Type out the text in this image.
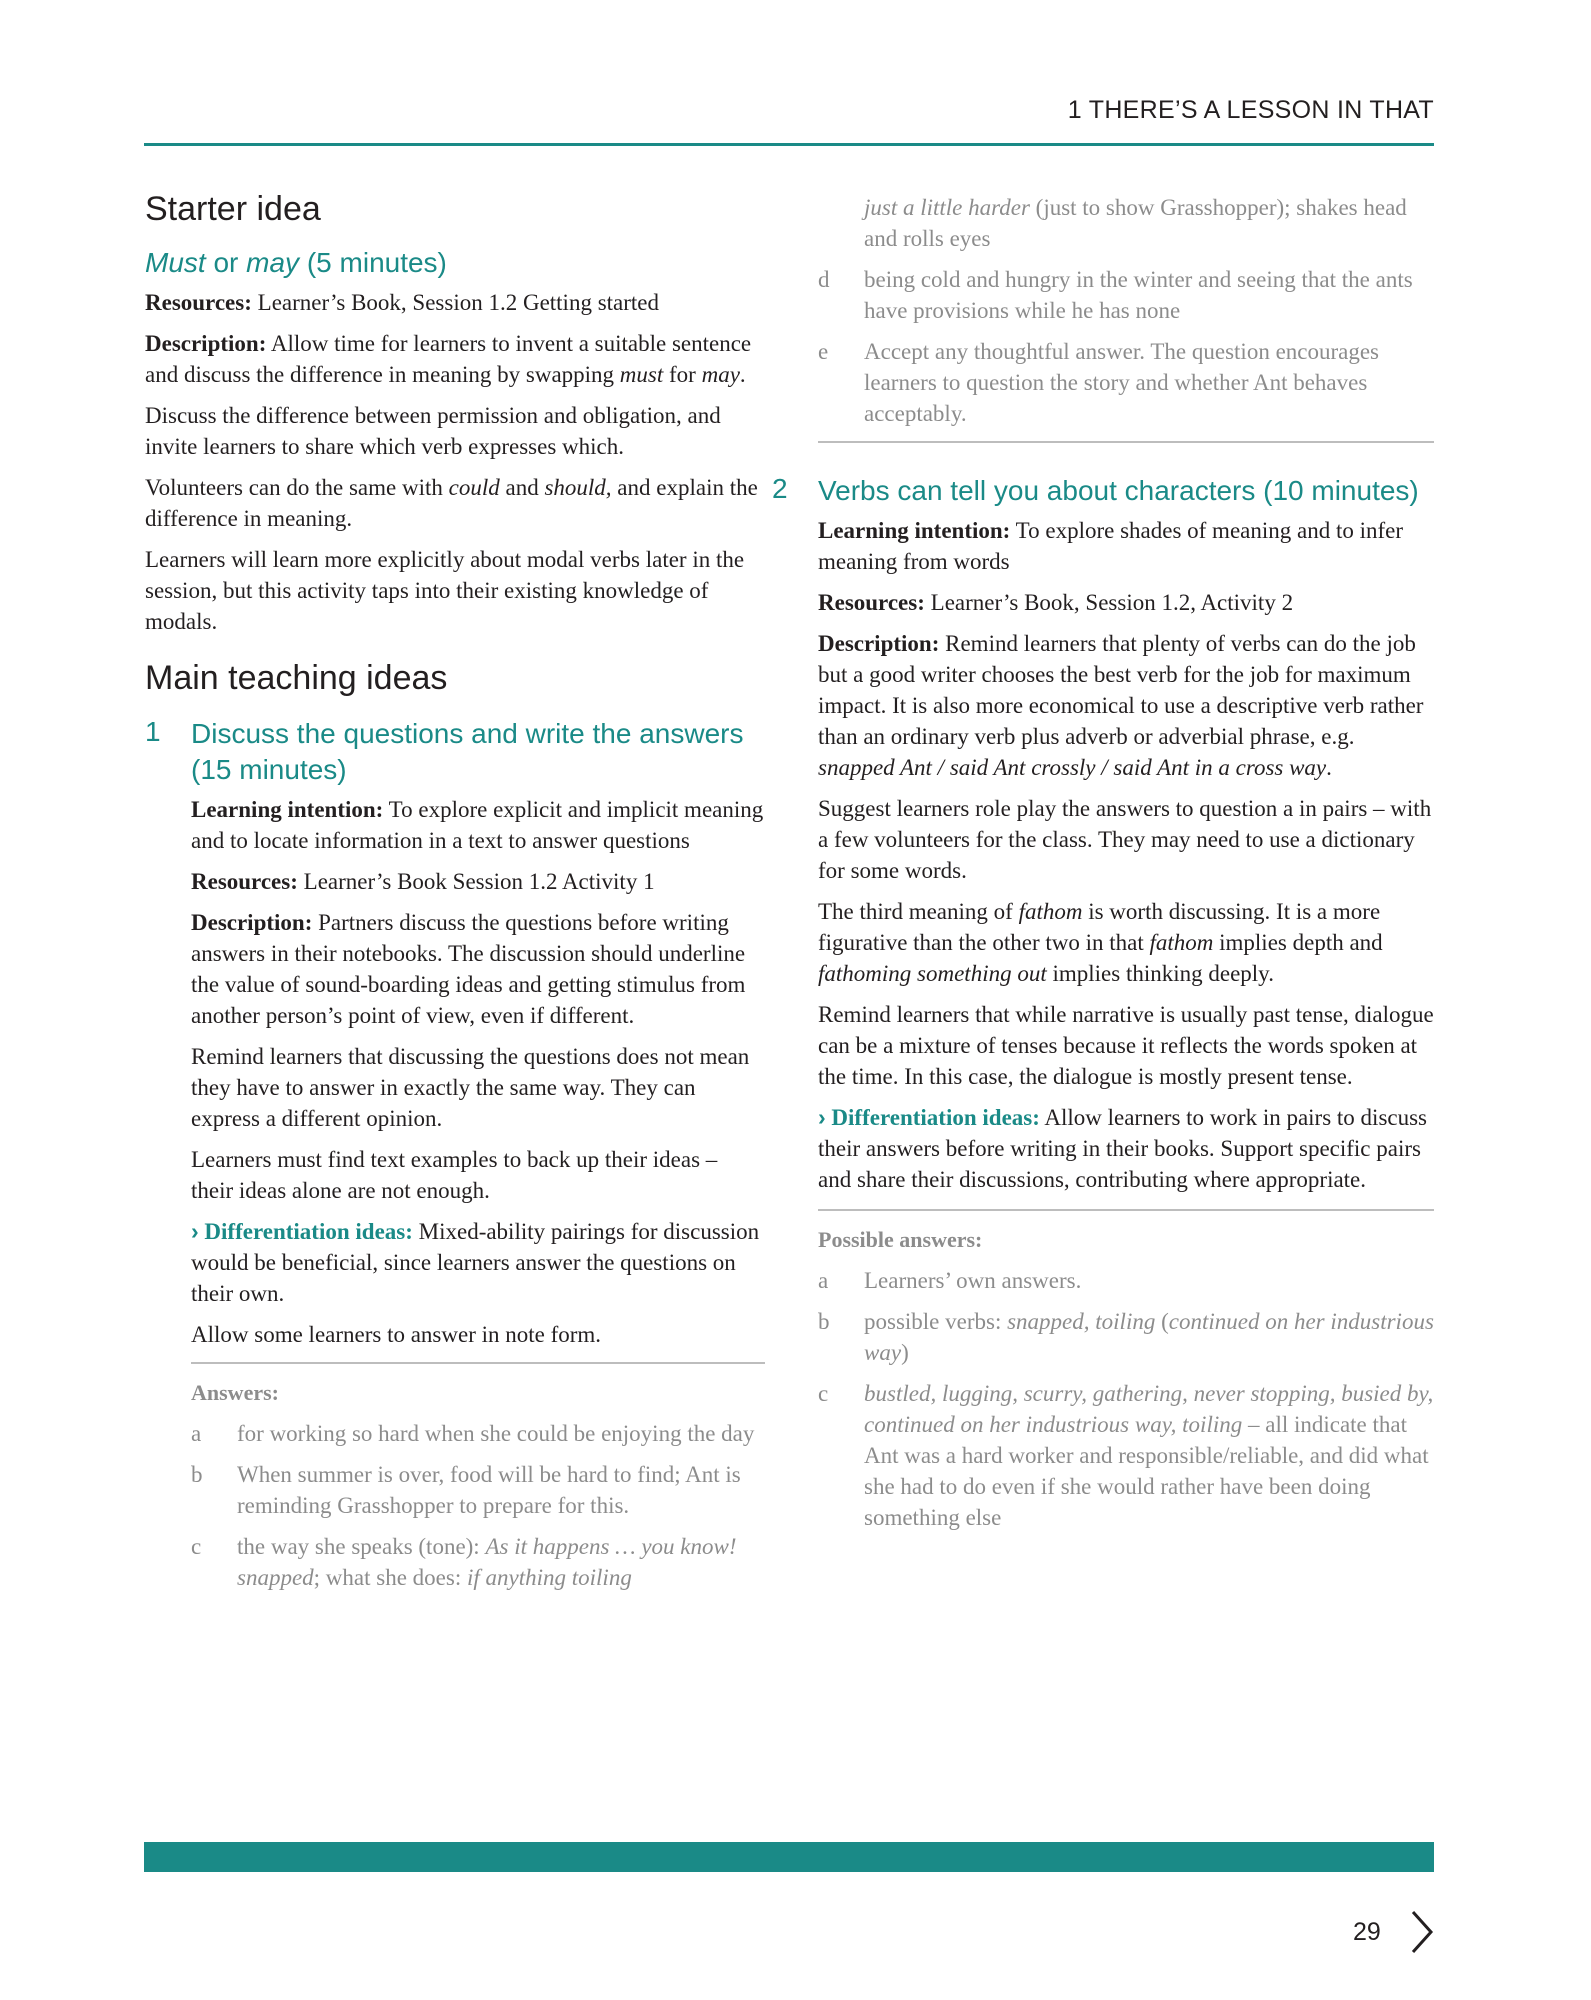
1 THERE’S A LESSON IN THAT
Starter idea
Must or may (5 minutes)

Resources: Learner’s Book, Session 1.2 Getting started

Description: Allow time for learners to invent a suitable sentence and discuss the difference in meaning by swapping must for may.

Discuss the difference between permission and obligation, and invite learners to share which verb expresses which.

Volunteers can do the same with could and should, and explain the difference in meaning.

Learners will learn more explicitly about modal verbs later in the session, but this activity taps into their existing knowledge of modals.

Main teaching ideas
1 Discuss the questions and write the answers (15 minutes)

Learning intention: To explore explicit and implicit meaning and to locate information in a text to answer questions

Resources: Learner’s Book Session 1.2 Activity 1

Description: Partners discuss the questions before writing answers in their notebooks. The discussion should underline the value of sound-boarding ideas and getting stimulus from another person’s point of view, even if different.

Remind learners that discussing the questions does not mean they have to answer in exactly the same way. They can express a different opinion.

Learners must find text examples to back up their ideas – their ideas alone are not enough.

› Differentiation ideas: Mixed-ability pairings for discussion would be beneficial, since learners answer the questions on their own.

Allow some learners to answer in note form.

Answers:
a	for working so hard when she could be enjoying the day
b	When summer is over, food will be hard to find; Ant is reminding Grasshopper to prepare for this.
c	the way she speaks (tone): As it happens … you know! snapped; what she does: if anything toiling
just a little harder (just to show Grasshopper); shakes head and rolls eyes
d	being cold and hungry in the winter and seeing that the ants have provisions while he has none
e	Accept any thoughtful answer. The question encourages learners to question the story and whether Ant behaves acceptably.
2 Verbs can tell you about characters (10 minutes)

Learning intention: To explore shades of meaning and to infer meaning from words

Resources: Learner’s Book, Session 1.2, Activity 2

Description: Remind learners that plenty of verbs can do the job but a good writer chooses the best verb for the job for maximum impact. It is also more economical to use a descriptive verb rather than an ordinary verb plus adverb or adverbial phrase, e.g. snapped Ant / said Ant crossly / said Ant in a cross way.

Suggest learners role play the answers to question a in pairs – with a few volunteers for the class. They may need to use a dictionary for some words.

The third meaning of fathom is worth discussing. It is a more figurative than the other two in that fathom implies depth and fathoming something out implies thinking deeply.

Remind learners that while narrative is usually past tense, dialogue can be a mixture of tenses because it reflects the words spoken at the time. In this case, the dialogue is mostly present tense.

› Differentiation ideas: Allow learners to work in pairs to discuss their answers before writing in their books. Support specific pairs and share their discussions, contributing where appropriate.

Possible answers:
a	Learners’ own answers.
b	possible verbs: snapped, toiling (continued on her industrious way)
c	bustled, lugging, scurry, gathering, never stopping, busied by, continued on her industrious way, toiling – all indicate that Ant was a hard worker and responsible/reliable, and did what she had to do even if she would rather have been doing something else
29
